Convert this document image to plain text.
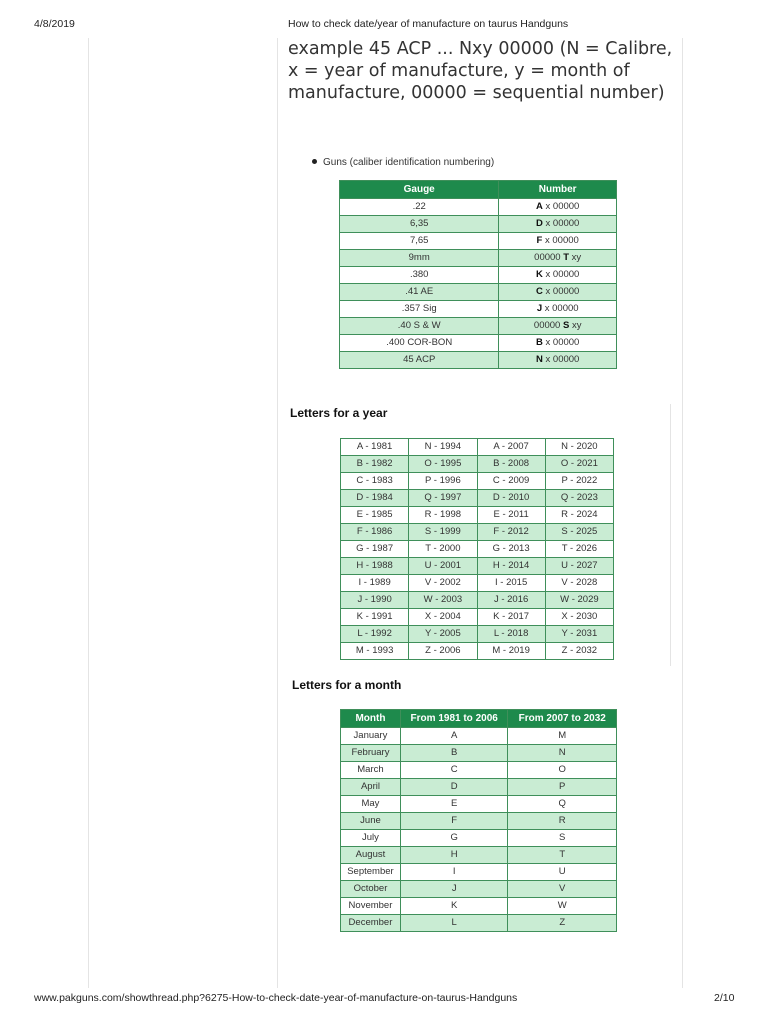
4/8/2019	How to check date/year of manufacture on taurus Handguns

example 45 ACP ... Nxy 00000 (N = Calibre, x = year of manufacture, y = month of manufacture, 00000 = sequential number)

Guns (caliber identification numbering)
Gauge	Number
.22	A x 00000
6,35	D x 00000
7,65	F x 00000
9mm	00000 T xy
.380	K x 00000
.41 AE	C x 00000
.357 Sig	J x 00000
.40 S & W	00000 S xy
.400 COR-BON	B x 00000
45 ACP	N x 00000
Letters for a year
A - 1981	N - 1994	A - 2007	N - 2020
B - 1982	O - 1995	B - 2008	O - 2021
C - 1983	P - 1996	C - 2009	P - 2022
D - 1984	Q - 1997	D - 2010	Q - 2023
E - 1985	R - 1998	E - 2011	R - 2024
F - 1986	S - 1999	F - 2012	S - 2025
G - 1987	T - 2000	G - 2013	T - 2026
H - 1988	U - 2001	H - 2014	U - 2027
I - 1989	V - 2002	I - 2015	V - 2028
J - 1990	W - 2003	J - 2016	W - 2029
K - 1991	X - 2004	K - 2017	X - 2030
L - 1992	Y - 2005	L - 2018	Y - 2031
M - 1993	Z - 2006	M - 2019	Z - 2032
Letters for a month
Month	From 1981 to 2006	From 2007 to 2032
January	A	M
February	B	N
March	C	O
April	D	P
May	E	Q
June	F	R
July	G	S
August	H	T
September	I	U
October	J	V
November	K	W
December	L	Z
www.pakguns.com/showthread.php?6275-How-to-check-date-year-of-manufacture-on-taurus-Handguns	2/10
